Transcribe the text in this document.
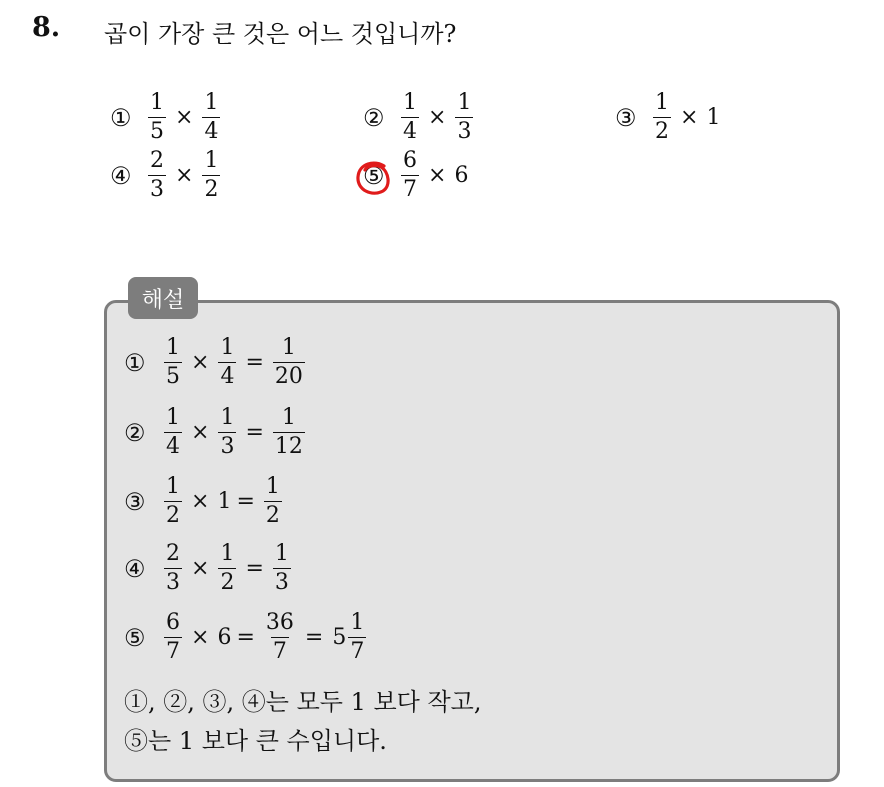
8. 곱이 가장 큰 것은 어느 것입니까?
① $\frac{1}{5} \times \frac{1}{4}$	② $\frac{1}{4} \times \frac{1}{3}$	③ $\frac{1}{2} \times 1$
④ $\frac{2}{3} \times \frac{1}{2}$	⑤ $\frac{6}{7} \times 6$
해설
① $\frac{1}{5} \times \frac{1}{4} = \frac{1}{20}$
② $\frac{1}{4} \times \frac{1}{3} = \frac{1}{12}$
③ $\frac{1}{2} \times 1 = \frac{1}{2}$
④ $\frac{2}{3} \times \frac{1}{2} = \frac{1}{3}$
⑤ $\frac{6}{7} \times 6 = \frac{36}{7} = 5 \frac{1}{7}$
①, ②, ③, ④는 모두 1 보다 작고,
⑤는 1 보다 큰 수입니다.
